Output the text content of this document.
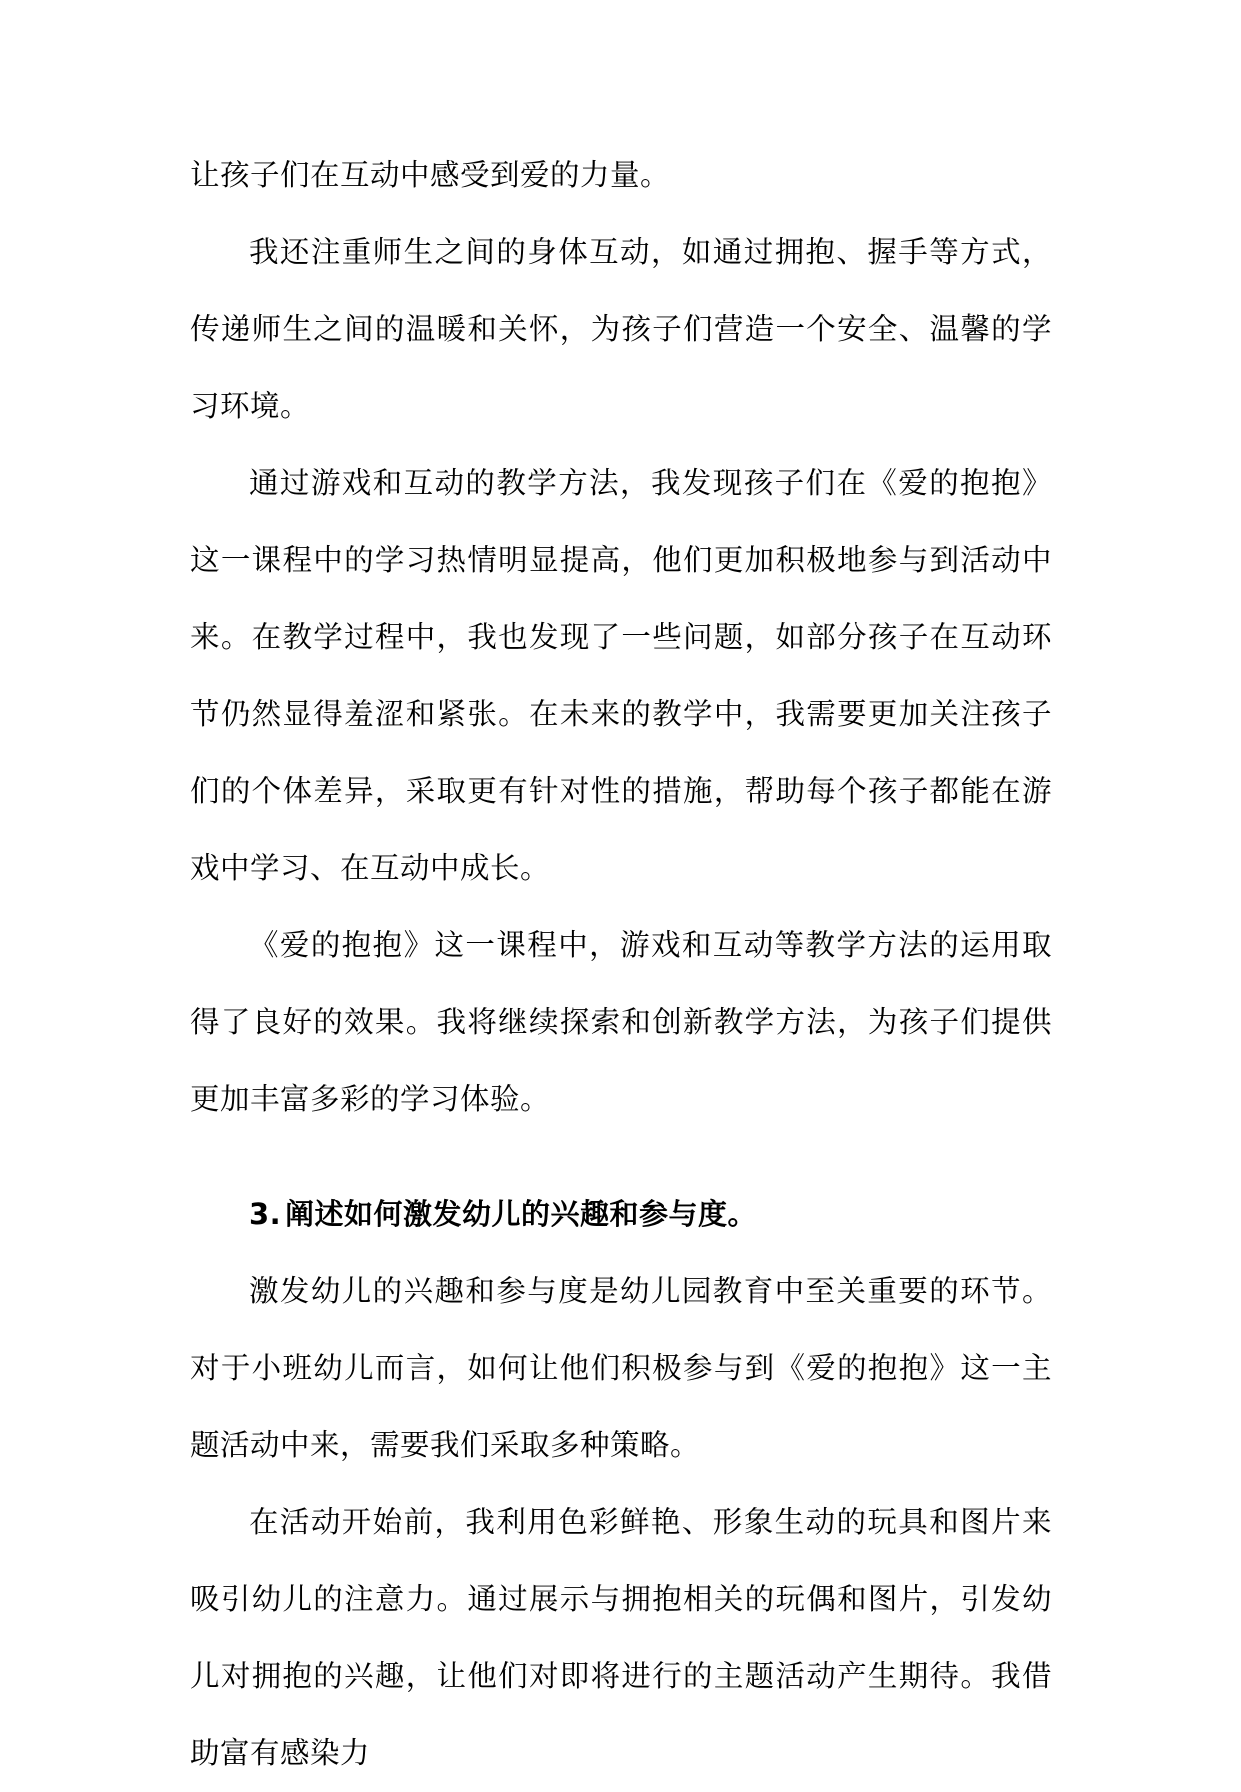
让孩子们在互动中感受到爱的力量。

我还注重师生之间的身体互动，如通过拥抱、握手等方式，传递师生之间的温暖和关怀，为孩子们营造一个安全、温馨的学习环境。

通过游戏和互动的教学方法，我发现孩子们在《爱的抱抱》这一课程中的学习热情明显提高，他们更加积极地参与到活动中来。在教学过程中，我也发现了一些问题，如部分孩子在互动环节仍然显得羞涩和紧张。在未来的教学中，我需要更加关注孩子们的个体差异，采取更有针对性的措施，帮助每个孩子都能在游戏中学习、在互动中成长。

《爱的抱抱》这一课程中，游戏和互动等教学方法的运用取得了良好的效果。我将继续探索和创新教学方法，为孩子们提供更加丰富多彩的学习体验。

3. 阐述如何激发幼儿的兴趣和参与度。

激发幼儿的兴趣和参与度是幼儿园教育中至关重要的环节。对于小班幼儿而言，如何让他们积极参与到《爱的抱抱》这一主题活动中来，需要我们采取多种策略。

在活动开始前，我利用色彩鲜艳、形象生动的玩具和图片来吸引幼儿的注意力。通过展示与拥抱相关的玩偶和图片，引发幼儿对拥抱的兴趣，让他们对即将进行的主题活动产生期待。我借助富有感染力
